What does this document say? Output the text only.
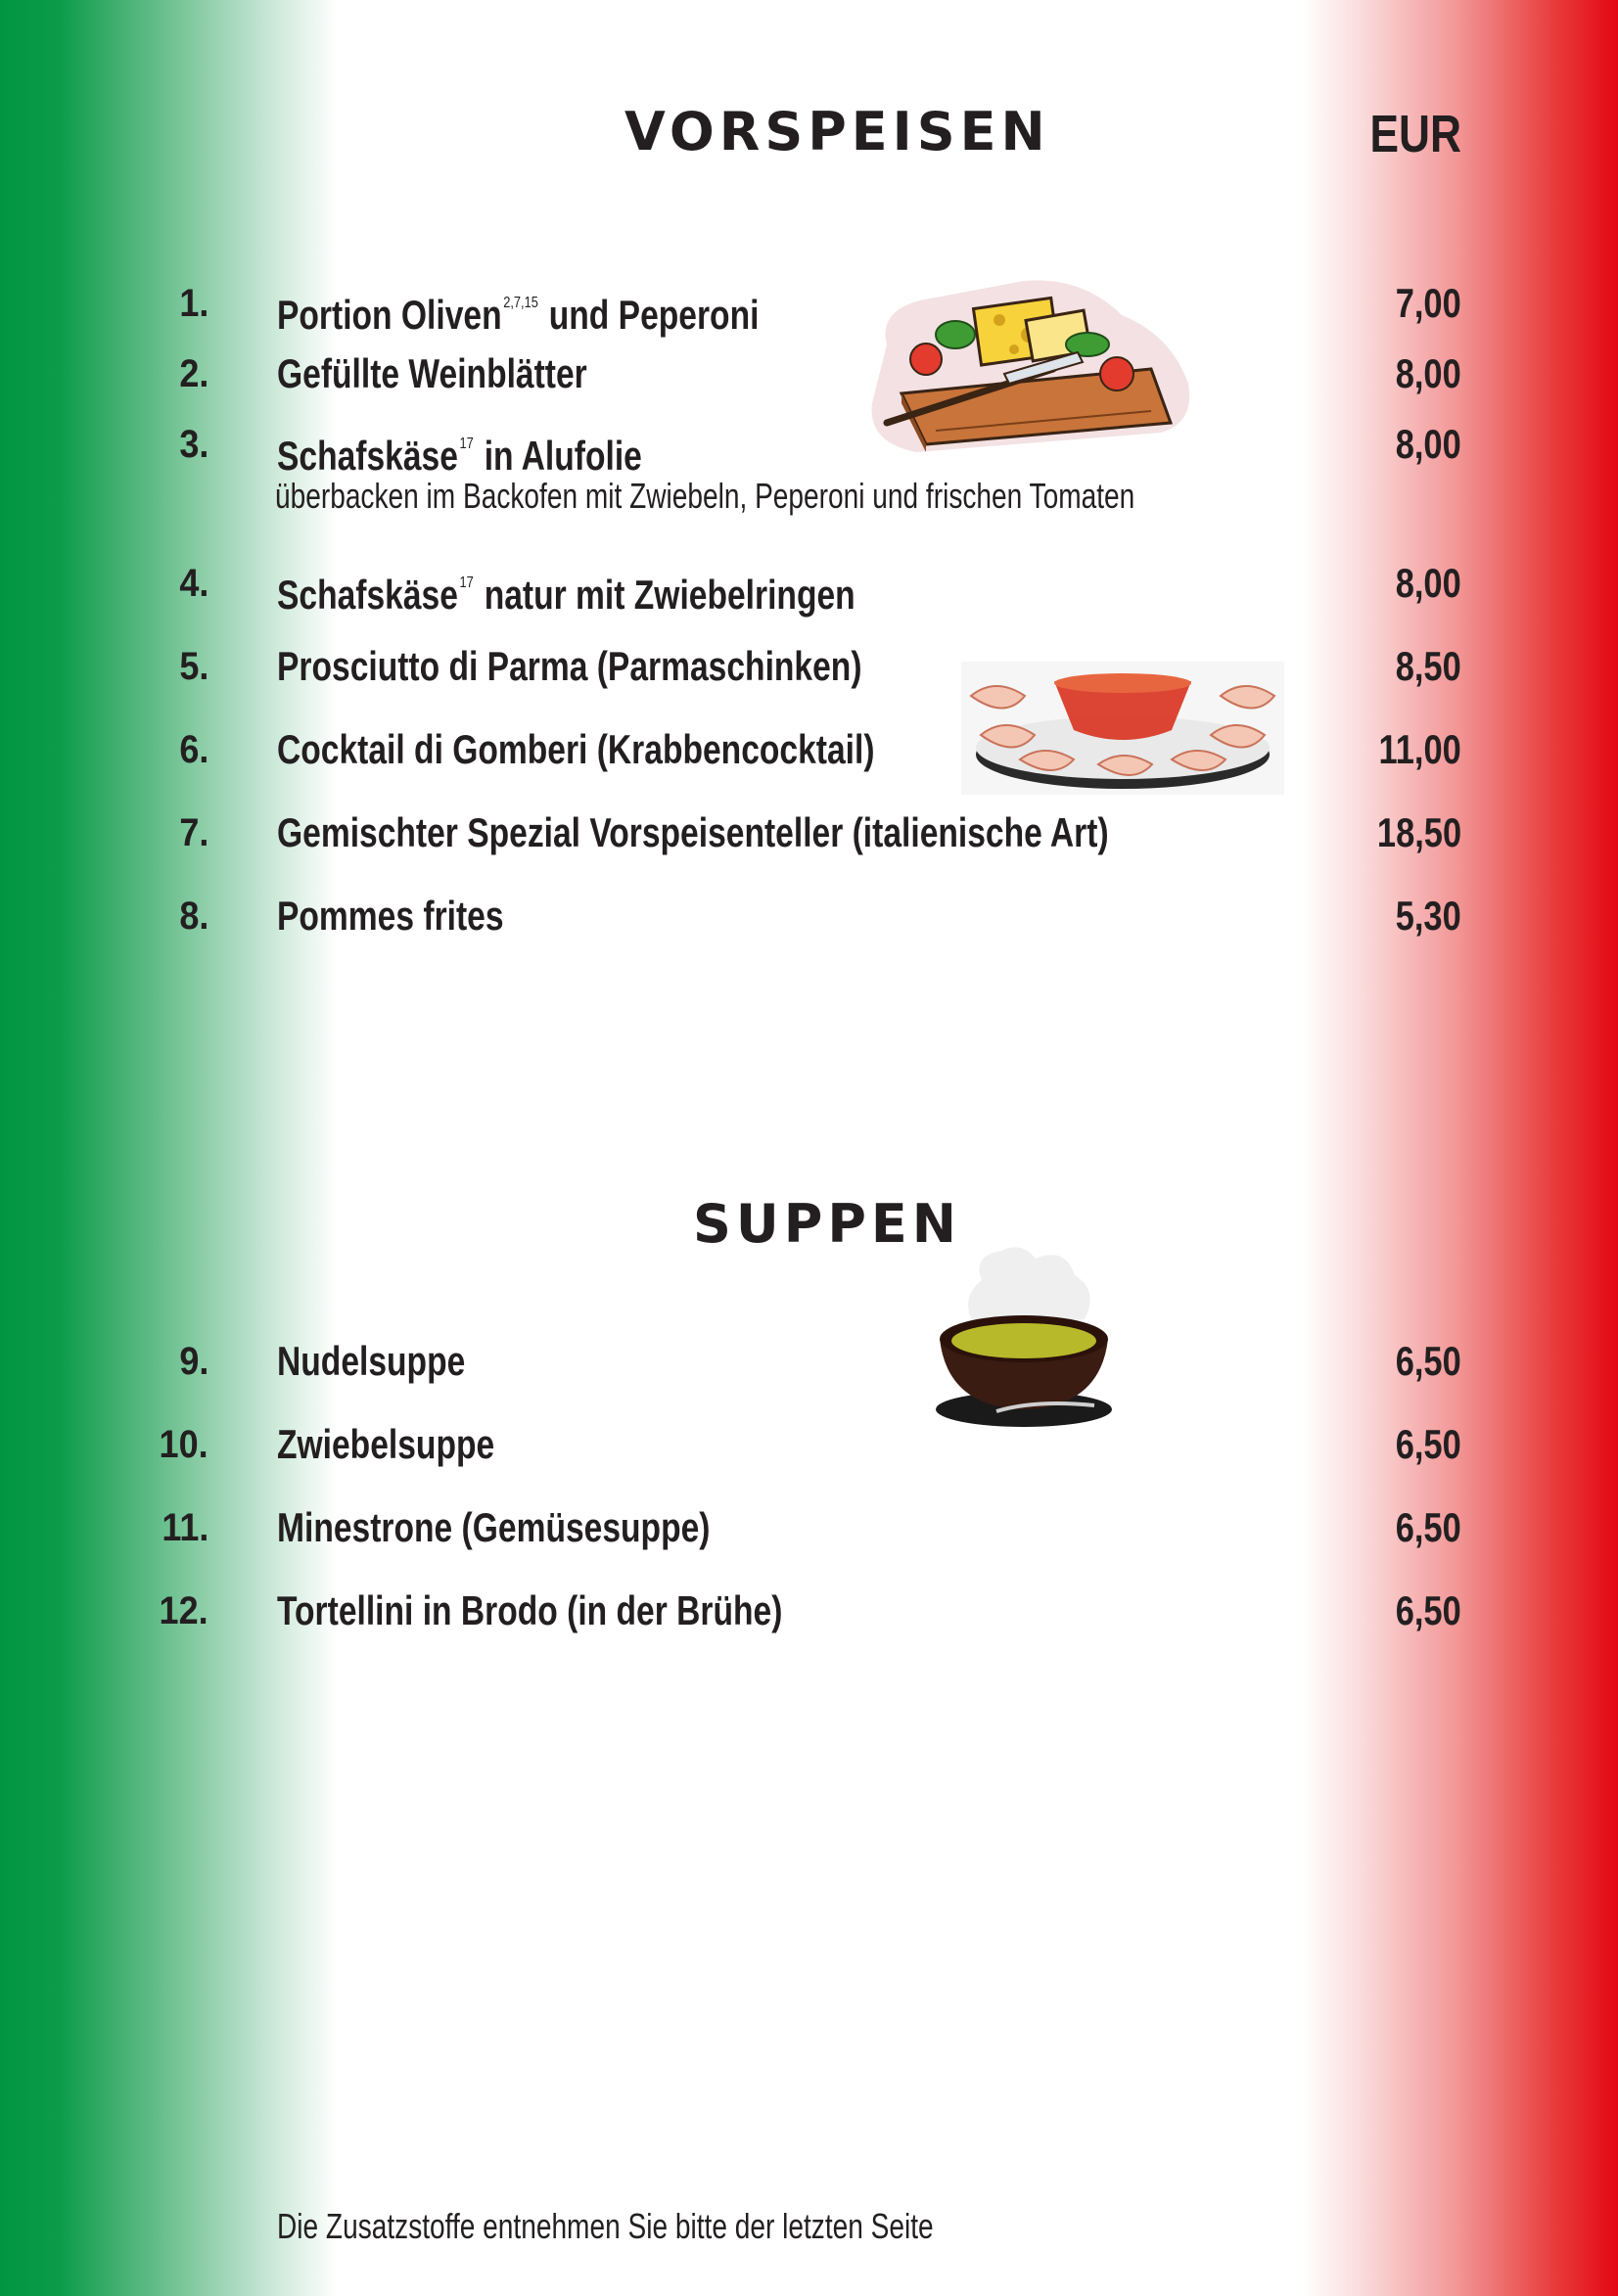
VORSPEISEN	EUR
1. Portion Oliven$^{2,7,15}$ und Peperoni	7,00
2. Gefüllte Weinblätter	8,00
3. Schafskäse $^{17}$ in Alufolie	8,00
überbacken im Backofen mit Zwiebeln, Peperoni und frischen Tomaten
4. Schafskäse $^{17}$ natur mit Zwiebelringen	8,00
5. Prosciutto di Parma (Parmaschinken)	8,50
6. Cocktail di Gomberi (Krabbencocktail)	11,00
7. Gemischter Spezial Vorspeisenteller (italienische Art)	18,50
8. Pommes frites	5,30
SUPPEN
9. Nudelsuppe	6,50
10. Zwiebelsuppe	6,50
11. Minestrone (Gemüsesuppe)	6,50
12. Tortellini in Brodo (in der Brühe)	6,50
Die Zusatzstoffe entnehmen Sie bitte der letzten Seite
